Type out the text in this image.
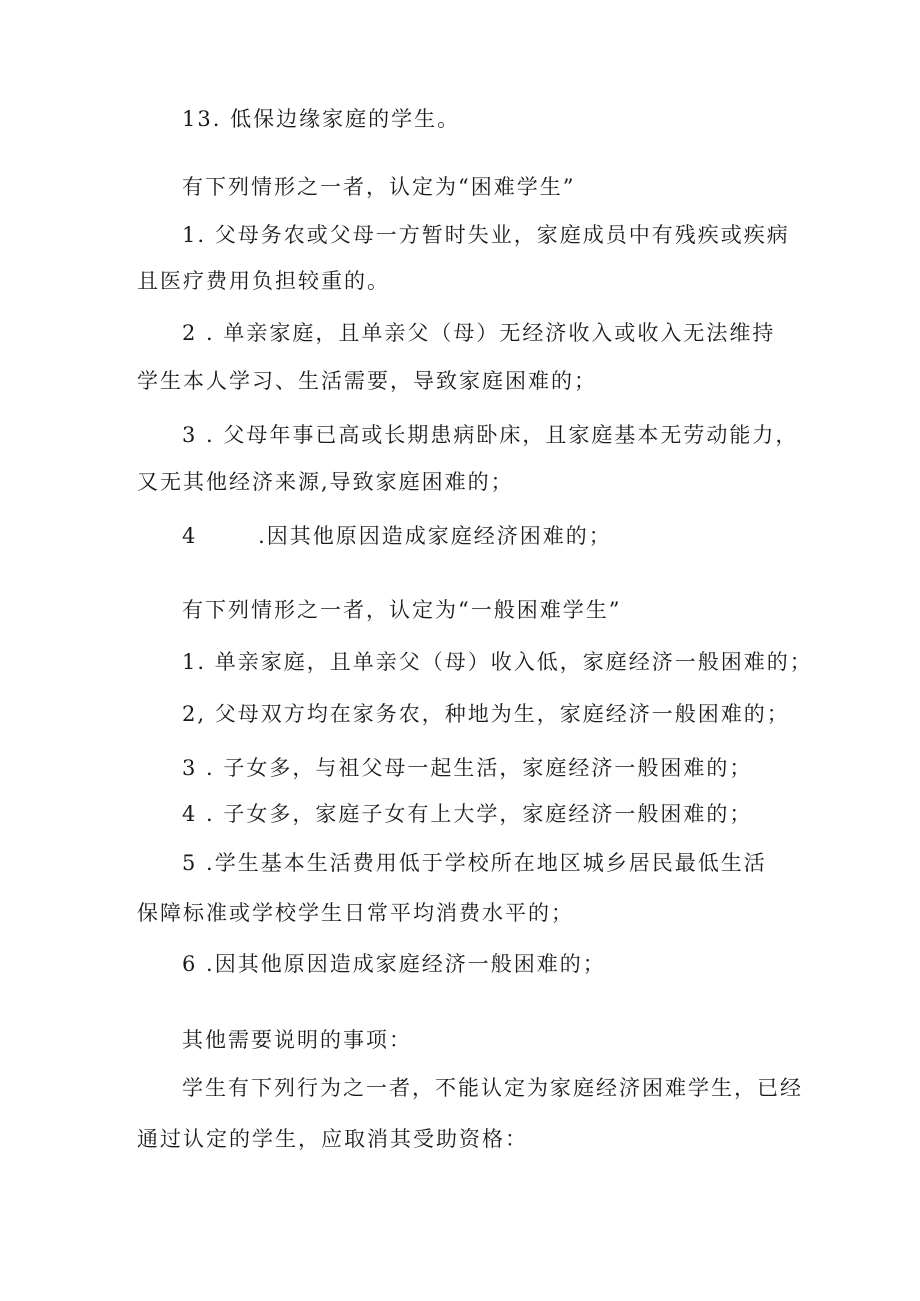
13. 低保边缘家庭的学生。
有下列情形之一者，认定为“困难学生”
1. 父母务农或父母一方暂时失业，家庭成员中有残疾或疾病
且医疗费用负担较重的。
2 . 单亲家庭，且单亲父（母）无经济收入或收入无法维持
学生本人学习、生活需要，导致家庭困难的；
3 . 父母年事已高或长期患病卧床，且家庭基本无劳动能力，
又无其他经济来源,导致家庭困难的；
4       .因其他原因造成家庭经济困难的；
有下列情形之一者，认定为“一般困难学生”
1. 单亲家庭，且单亲父（母）收入低，家庭经济一般困难的；
2, 父母双方均在家务农，种地为生，家庭经济一般困难的；
3 . 子女多，与祖父母一起生活，家庭经济一般困难的；
4 . 子女多，家庭子女有上大学，家庭经济一般困难的；
5 .学生基本生活费用低于学校所在地区城乡居民最低生活
保障标准或学校学生日常平均消费水平的；
6 .因其他原因造成家庭经济一般困难的；
其他需要说明的事项：
学生有下列行为之一者，不能认定为家庭经济困难学生，已经
通过认定的学生，应取消其受助资格：
